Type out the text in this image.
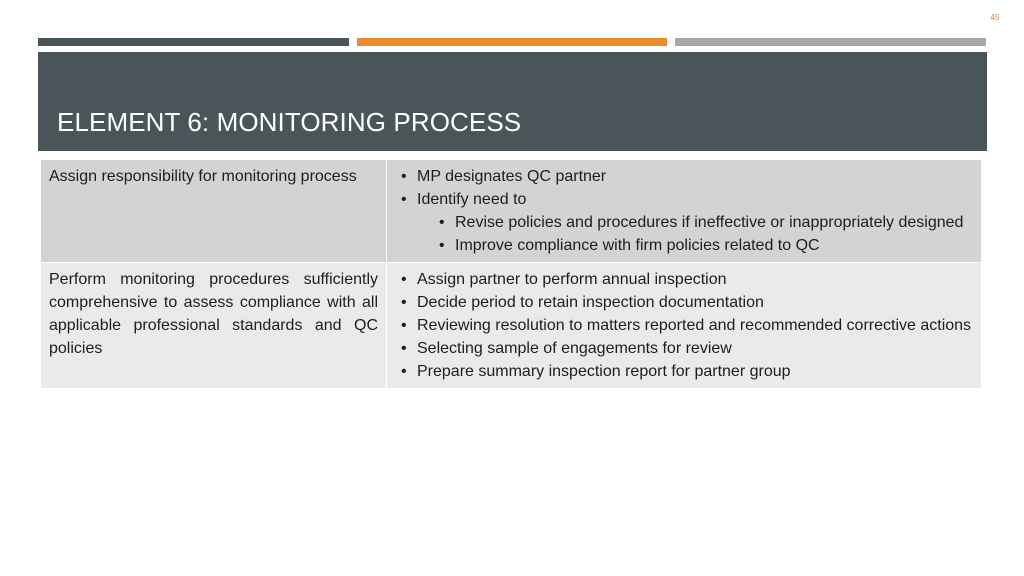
45
ELEMENT 6: MONITORING PROCESS
Assign responsibility for monitoring process	• MP designates QC partner
• Identify need to
• Revise policies and procedures if ineffective or inappropriately designed
• Improve compliance with firm policies related to QC

Perform monitoring procedures sufficiently comprehensive to assess compliance with all applicable professional standards and QC policies	• Assign partner to perform annual inspection
• Decide period to retain inspection documentation
• Reviewing resolution to matters reported and recommended corrective actions
• Selecting sample of engagements for review
• Prepare summary inspection report for partner group
